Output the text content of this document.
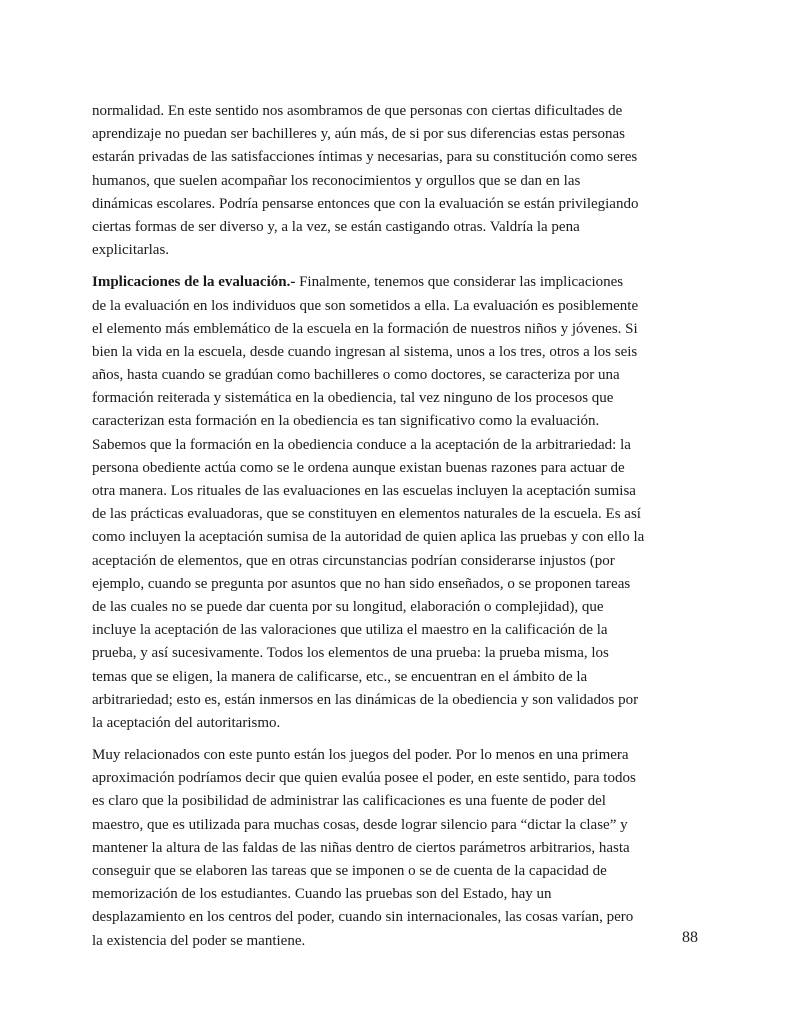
normalidad. En este sentido nos asombramos de que personas con ciertas dificultades de
aprendizaje no puedan ser bachilleres y, aún más, de si por sus diferencias estas personas
estarán privadas de las satisfacciones íntimas y necesarias, para su constitución como seres
humanos, que suelen acompañar los reconocimientos y orgullos que se dan en las
dinámicas escolares. Podría pensarse entonces que con la evaluación se están privilegiando
ciertas formas de ser diverso y, a la vez, se están castigando otras. Valdría la pena
explicitarlas.
Implicaciones de la evaluación.- Finalmente, tenemos que considerar las implicaciones
de la evaluación en los individuos que son sometidos a ella. La evaluación es posiblemente
el elemento más emblemático de la escuela en la formación de nuestros niños y jóvenes. Si
bien la vida en la escuela, desde cuando ingresan al sistema, unos a los tres, otros a los seis
años, hasta cuando se gradúan como bachilleres o como doctores, se caracteriza por una
formación reiterada y sistemática en la obediencia, tal vez ninguno de los procesos que
caracterizan esta formación en la obediencia es tan significativo como la evaluación.
Sabemos que la formación en la obediencia conduce a la aceptación de la arbitrariedad: la
persona obediente actúa como se le ordena aunque existan buenas razones para actuar de
otra manera. Los rituales de las evaluaciones en las escuelas incluyen la aceptación sumisa
de las prácticas evaluadoras, que se constituyen en elementos naturales de la escuela. Es así
como incluyen la aceptación sumisa de la autoridad de quien aplica las pruebas y con ello la
aceptación de elementos, que en otras circunstancias podrían considerarse injustos (por
ejemplo, cuando se pregunta por asuntos que no han sido enseñados, o se proponen tareas
de las cuales no se puede dar cuenta por su longitud, elaboración o complejidad), que
incluye la aceptación de las valoraciones que utiliza el maestro en la calificación de la
prueba, y así sucesivamente. Todos los elementos de una prueba: la prueba misma, los
temas que se eligen, la manera de calificarse, etc., se encuentran en el ámbito de la
arbitrariedad; esto es, están inmersos en las dinámicas de la obediencia y son validados por
la aceptación del autoritarismo.
Muy relacionados con este punto están los juegos del poder. Por lo menos en una primera
aproximación podríamos decir que quien evalúa posee el poder, en este sentido, para todos
es claro que la posibilidad de administrar las calificaciones es una fuente de poder del
maestro, que es utilizada para muchas cosas, desde lograr silencio para “dictar la clase” y
mantener la altura de las faldas de las niñas dentro de ciertos parámetros arbitrarios, hasta
conseguir que se elaboren las tareas que se imponen o se de cuenta de la capacidad de
memorización de los estudiantes. Cuando las pruebas son del Estado, hay un
desplazamiento en los centros del poder, cuando sin internacionales, las cosas varían, pero
la existencia del poder se mantiene.	88
